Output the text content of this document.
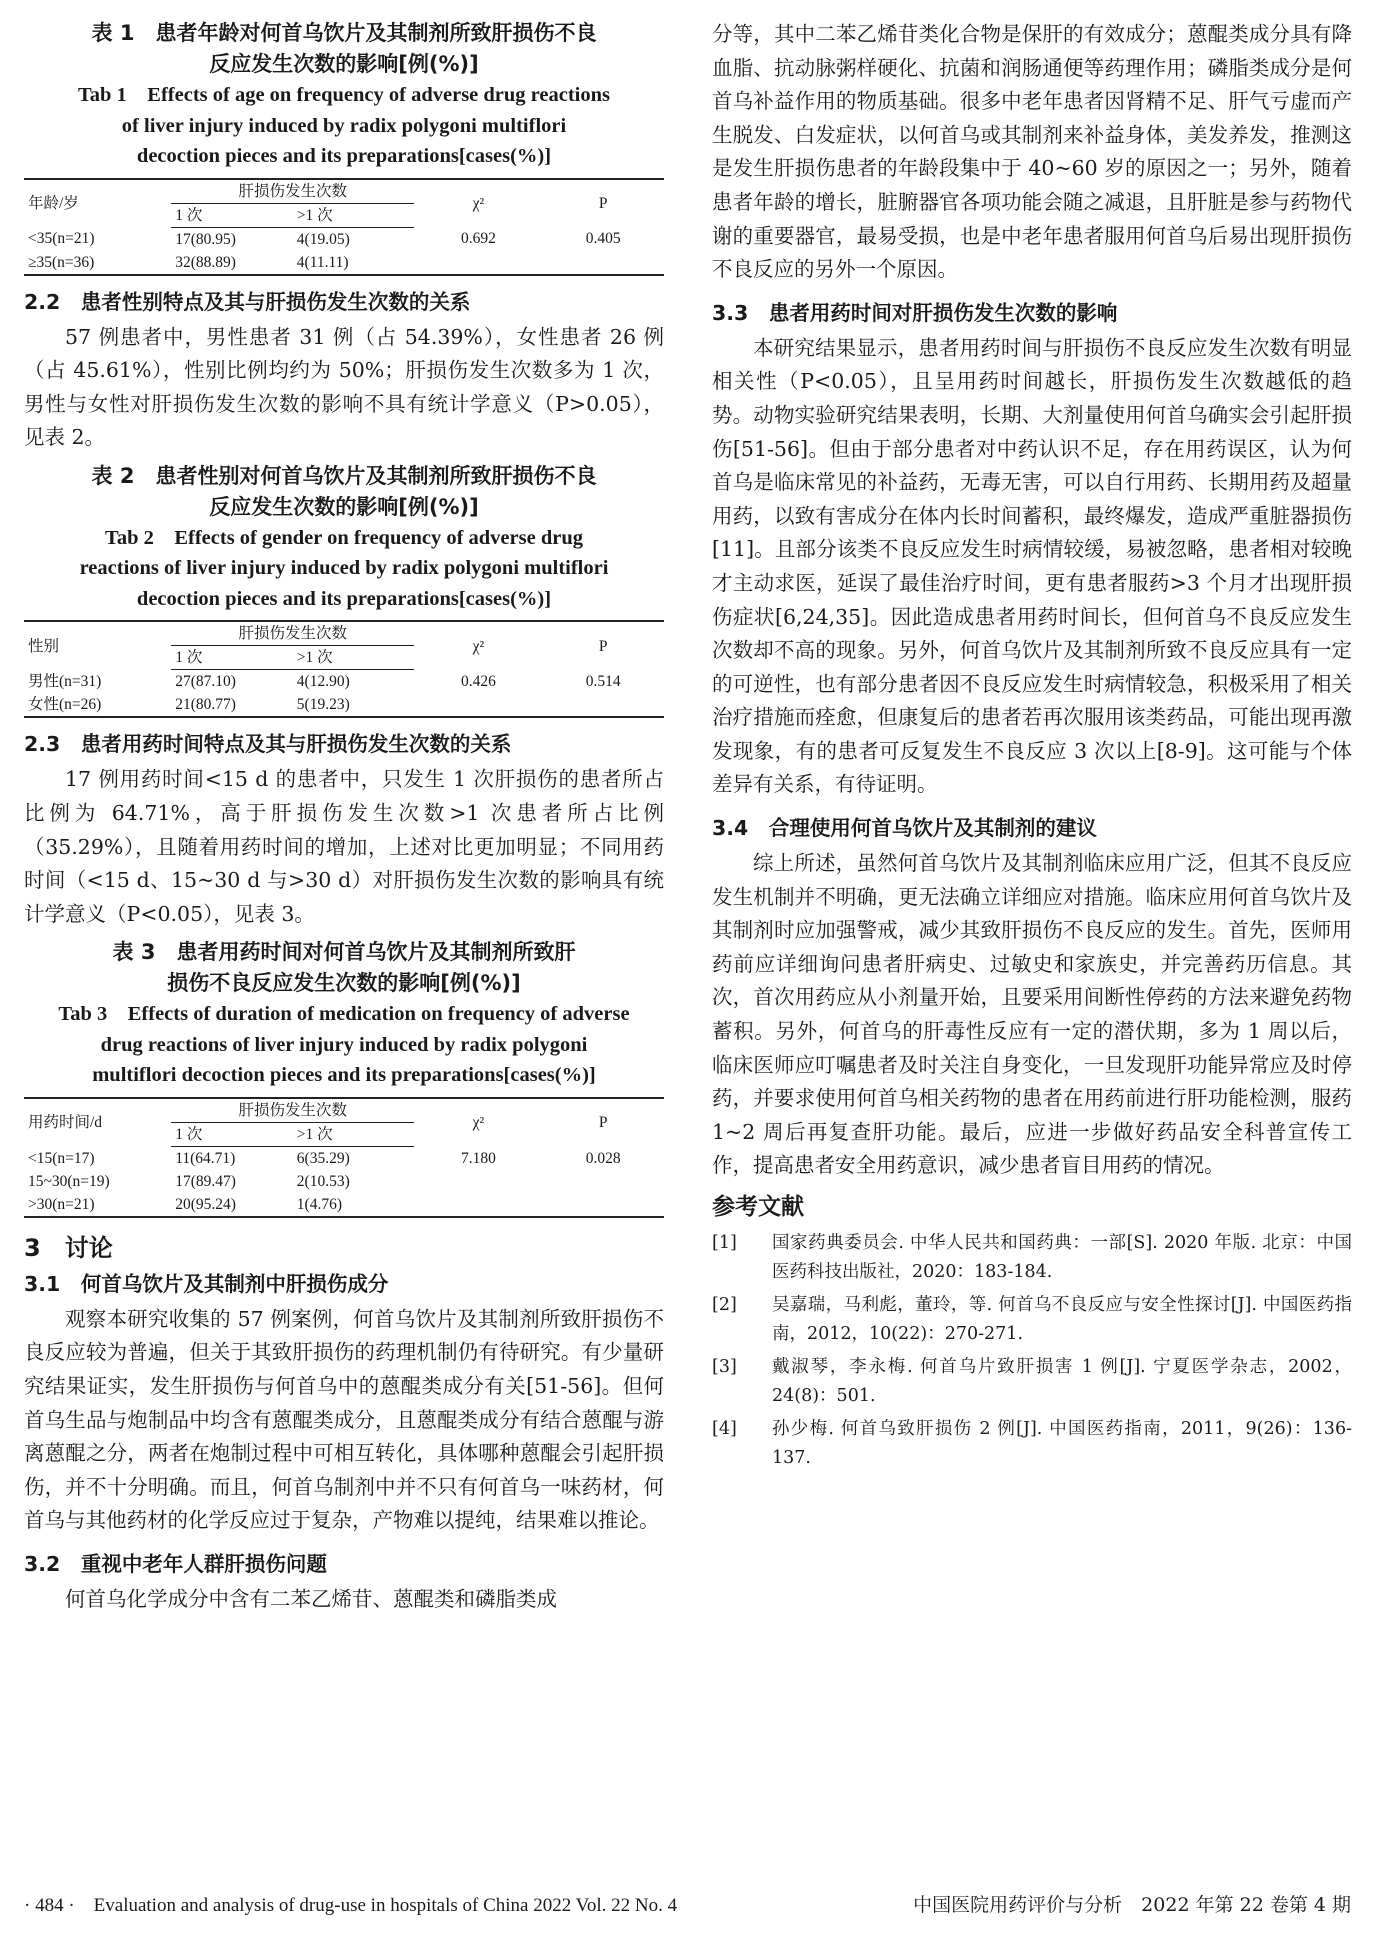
表 1　患者年龄对何首乌饮片及其制剂所致肝损伤不良

反应发生次数的影响[例(%)]

Tab 1　Effects of age on frequency of adverse drug reactions

of liver injury induced by radix polygoni multiflori

decoction pieces and its preparations[cases(%)]

年龄/岁	肝损伤发生次数		χ²	P
	1 次	>1 次		
<35(n=21)	17(80.95)	4(19.05)	0.692	0.405
≥35(n=36)	32(88.89)	4(11.11)		
2.2　患者性别特点及其与肝损伤发生次数的关系

57 例患者中，男性患者 31 例（占 54.39%），女性患者 26 例（占 45.61%），性别比例均约为 50%；肝损伤发生次数多为 1 次，男性与女性对肝损伤发生次数的影响不具有统计学意义（P>0.05），见表 2。

表 2　患者性别对何首乌饮片及其制剂所致肝损伤不良

反应发生次数的影响[例(%)]

Tab 2　Effects of gender on frequency of adverse drug

reactions of liver injury induced by radix polygoni multiflori

decoction pieces and its preparations[cases(%)]

性别	肝损伤发生次数		χ²	P
	1 次	>1 次		
男性(n=31)	27(87.10)	4(12.90)	0.426	0.514
女性(n=26)	21(80.77)	5(19.23)		
2.3　患者用药时间特点及其与肝损伤发生次数的关系

17 例用药时间<15 d 的患者中，只发生 1 次肝损伤的患者所占比例为 64.71%，高于肝损伤发生次数>1 次患者所占比例（35.29%），且随着用药时间的增加，上述对比更加明显；不同用药时间（<15 d、15~30 d 与>30 d）对肝损伤发生次数的影响具有统计学意义（P<0.05），见表 3。

表 3　患者用药时间对何首乌饮片及其制剂所致肝

损伤不良反应发生次数的影响[例(%)]

Tab 3　Effects of duration of medication on frequency of adverse

drug reactions of liver injury induced by radix polygoni

multiflori decoction pieces and its preparations[cases(%)]

用药时间/d	肝损伤发生次数		χ²	P
	1 次	>1 次		
<15(n=17)	11(64.71)	6(35.29)	7.180	0.028
15~30(n=19)	17(89.47)	2(10.53)		
>30(n=21)	20(95.24)	1(4.76)		
3　讨论
3.1　何首乌饮片及其制剂中肝损伤成分

观察本研究收集的 57 例案例，何首乌饮片及其制剂所致肝损伤不良反应较为普遍，但关于其致肝损伤的药理机制仍有待研究。有少量研究结果证实，发生肝损伤与何首乌中的蒽醌类成分有关[51-56]。但何首乌生品与炮制品中均含有蒽醌类成分，且蒽醌类成分有结合蒽醌与游离蒽醌之分，两者在炮制过程中可相互转化，具体哪种蒽醌会引起肝损伤，并不十分明确。而且，何首乌制剂中并不只有何首乌一味药材，何首乌与其他药材的化学反应过于复杂，产物难以提纯，结果难以推论。

3.2　重视中老年人群肝损伤问题

何首乌化学成分中含有二苯乙烯苷、蒽醌类和磷脂类成

分等，其中二苯乙烯苷类化合物是保肝的有效成分；蒽醌类成分具有降血脂、抗动脉粥样硬化、抗菌和润肠通便等药理作用；磷脂类成分是何首乌补益作用的物质基础。很多中老年患者因肾精不足、肝气亏虚而产生脱发、白发症状，以何首乌或其制剂来补益身体，美发养发，推测这是发生肝损伤患者的年龄段集中于 40~60 岁的原因之一；另外，随着患者年龄的增长，脏腑器官各项功能会随之减退，且肝脏是参与药物代谢的重要器官，最易受损，也是中老年患者服用何首乌后易出现肝损伤不良反应的另外一个原因。

3.3　患者用药时间对肝损伤发生次数的影响

本研究结果显示，患者用药时间与肝损伤不良反应发生次数有明显相关性（P<0.05），且呈用药时间越长，肝损伤发生次数越低的趋势。动物实验研究结果表明，长期、大剂量使用何首乌确实会引起肝损伤[51-56]。但由于部分患者对中药认识不足，存在用药误区，认为何首乌是临床常见的补益药，无毒无害，可以自行用药、长期用药及超量用药，以致有害成分在体内长时间蓄积，最终爆发，造成严重脏器损伤[11]。且部分该类不良反应发生时病情较缓，易被忽略，患者相对较晚才主动求医，延误了最佳治疗时间，更有患者服药>3 个月才出现肝损伤症状[6,24,35]。因此造成患者用药时间长，但何首乌不良反应发生次数却不高的现象。另外，何首乌饮片及其制剂所致不良反应具有一定的可逆性，也有部分患者因不良反应发生时病情较急，积极采用了相关治疗措施而痊愈，但康复后的患者若再次服用该类药品，可能出现再激发现象，有的患者可反复发生不良反应 3 次以上[8-9]。这可能与个体差异有关系，有待证明。

3.4　合理使用何首乌饮片及其制剂的建议

综上所述，虽然何首乌饮片及其制剂临床应用广泛，但其不良反应发生机制并不明确，更无法确立详细应对措施。临床应用何首乌饮片及其制剂时应加强警戒，减少其致肝损伤不良反应的发生。首先，医师用药前应详细询问患者肝病史、过敏史和家族史，并完善药历信息。其次，首次用药应从小剂量开始，且要采用间断性停药的方法来避免药物蓄积。另外，何首乌的肝毒性反应有一定的潜伏期，多为 1 周以后，临床医师应叮嘱患者及时关注自身变化，一旦发现肝功能异常应及时停药，并要求使用何首乌相关药物的患者在用药前进行肝功能检测，服药 1~2 周后再复查肝功能。最后，应进一步做好药品安全科普宣传工作，提高患者安全用药意识，减少患者盲目用药的情况。

参考文献
[1]	国家药典委员会. 中华人民共和国药典：一部[S]. 2020 年版. 北京：中国医药科技出版社，2020：183-184.
[2]	吴嘉瑞，马利彪，董玲，等. 何首乌不良反应与安全性探讨[J]. 中国医药指南，2012，10(22)：270-271.
[3]	戴淑琴，李永梅. 何首乌片致肝损害 1 例[J]. 宁夏医学杂志，2002，24(8)：501.
[4]	孙少梅. 何首乌致肝损伤 2 例[J]. 中国医药指南，2011，9(26)：136-137.
· 484 ·　Evaluation and analysis of drug-use in hospitals of China 2022 Vol. 22 No. 4	中国医院用药评价与分析　2022 年第 22 卷第 4 期
